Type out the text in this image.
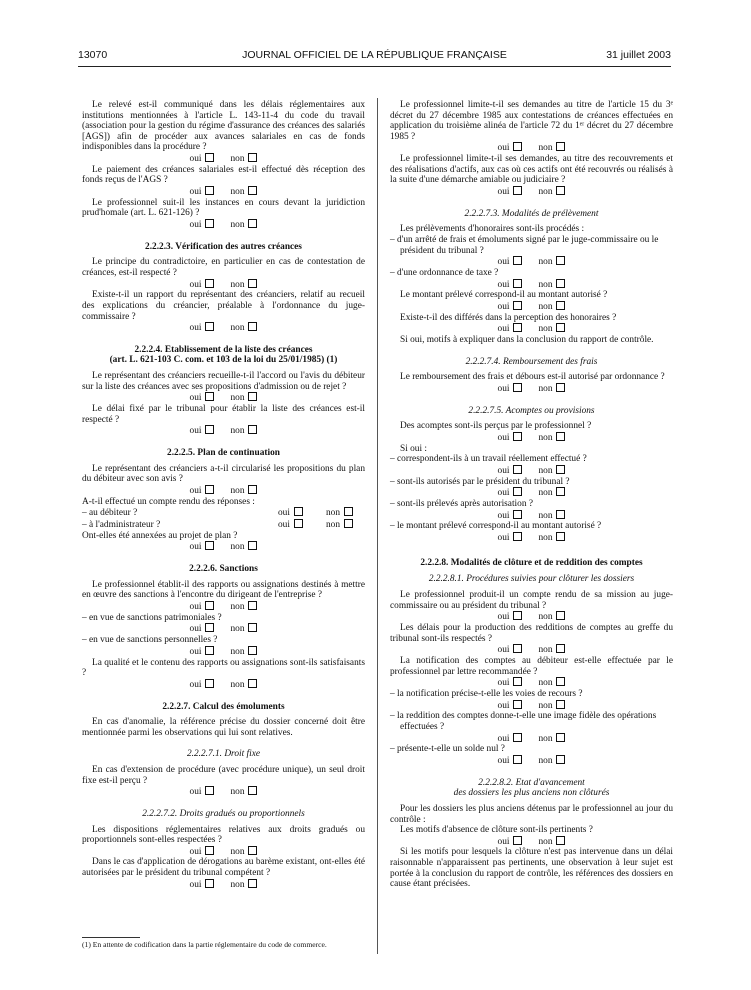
13070	JOURNAL OFFICIEL DE LA RÉPUBLIQUE FRANÇAISE	31 juillet 2003

Le relevé est-il communiqué dans les délais réglementaires aux institutions mentionnées à l'article L. 143-11-4 du code du travail (association pour la gestion du régime d'assurance des créances des salariés [AGS]) afin de procéder aux avances salariales en cas de fonds indisponibles dans la procédure ?

oui	non

Le paiement des créances salariales est-il effectué dès réception des fonds reçus de l'AGS ?

oui	non

Le professionnel suit-il les instances en cours devant la juridiction prud'homale (art. L. 621-126) ?

oui	non

2.2.2.3. Vérification des autres créances

Le principe du contradictoire, en particulier en cas de contestation de créances, est-il respecté ?

oui	non

Existe-t-il un rapport du représentant des créanciers, relatif au recueil des explications du créancier, préalable à l'ordonnance du juge-commissaire ?

oui	non

2.2.2.4. Etablissement de la liste des créances

(art. L. 621-103 C. com. et 103 de la loi du 25/01/1985) (1)

Le représentant des créanciers recueille-t-il l'accord ou l'avis du débiteur sur la liste des créances avec ses propositions d'admission ou de rejet ?

oui	non

Le délai fixé par le tribunal pour établir la liste des créances est-il respecté ?

oui	non

2.2.2.5. Plan de continuation

Le représentant des créanciers a-t-il circularisé les propositions du plan du débiteur avec son avis ?

oui	non

A-t-il effectué un compte rendu des réponses :

– au débiteur ?	oui	non
– à l'administrateur ?	oui	non

Ont-elles été annexées au projet de plan ?

oui	non

2.2.2.6. Sanctions

Le professionnel établit-il des rapports ou assignations destinés à mettre en œuvre des sanctions à l'encontre du dirigeant de l'entreprise ?

oui	non

– en vue de sanctions patrimoniales ?

oui	non

– en vue de sanctions personnelles ?

oui	non

La qualité et le contenu des rapports ou assignations sont-ils satisfaisants ?

oui	non

2.2.2.7. Calcul des émoluments

En cas d'anomalie, la référence précise du dossier concerné doit être mentionnée parmi les observations qui lui sont relatives.

2.2.2.7.1. Droit fixe

En cas d'extension de procédure (avec procédure unique), un seul droit fixe est-il perçu ?

oui	non

2.2.2.7.2. Droits gradués ou proportionnels

Les dispositions réglementaires relatives aux droits gradués ou proportionnels sont-elles respectées ?

oui	non

Dans le cas d'application de dérogations au barème existant, ont-elles été autorisées par le président du tribunal compétent ?

oui	non
(1) En attente de codification dans la partie réglementaire du code de commerce.

Le professionnel limite-t-il ses demandes au titre de l'article 15 du 3ᵉ décret du 27 décembre 1985 aux contestations de créances effectuées en application du troisième alinéa de l'article 72 du 1ᵉʳ décret du 27 décembre 1985 ?

oui	non

Le professionnel limite-t-il ses demandes, au titre des recouvrements et des réalisations d'actifs, aux cas où ces actifs ont été recouvrés ou réalisés à la suite d'une démarche amiable ou judiciaire ?

oui	non

2.2.2.7.3. Modalités de prélèvement

Les prélèvements d'honoraires sont-ils procédés :

– d'un arrêté de frais et émoluments signé par le juge-commissaire ou le président du tribunal ?

oui	non

– d'une ordonnance de taxe ?

oui	non

Le montant prélevé correspond-il au montant autorisé ?

oui	non

Existe-t-il des différés dans la perception des honoraires ?

oui	non

Si oui, motifs à expliquer dans la conclusion du rapport de contrôle.

2.2.2.7.4. Remboursement des frais

Le remboursement des frais et débours est-il autorisé par ordonnance ?

oui	non

2.2.2.7.5. Acomptes ou provisions

Des acomptes sont-ils perçus par le professionnel ?

oui	non

Si oui :

– correspondent-ils à un travail réellement effectué ?

oui	non

– sont-ils autorisés par le président du tribunal ?

oui	non

– sont-ils prélevés après autorisation ?

oui	non

– le montant prélevé correspond-il au montant autorisé ?

oui	non

2.2.2.8. Modalités de clôture et de reddition des comptes

2.2.2.8.1. Procédures suivies pour clôturer les dossiers

Le professionnel produit-il un compte rendu de sa mission au juge-commissaire ou au président du tribunal ?

oui	non

Les délais pour la production des redditions de comptes au greffe du tribunal sont-ils respectés ?

oui	non

La notification des comptes au débiteur est-elle effectuée par le professionnel par lettre recommandée ?

oui	non

– la notification précise-t-elle les voies de recours ?

oui	non

– la reddition des comptes donne-t-elle une image fidèle des opérations effectuées ?

oui	non

– présente-t-elle un solde nul ?

oui	non

2.2.2.8.2. Etat d'avancement

des dossiers les plus anciens non clôturés

Pour les dossiers les plus anciens détenus par le professionnel au jour du contrôle :

Les motifs d'absence de clôture sont-ils pertinents ?

oui	non

Si les motifs pour lesquels la clôture n'est pas intervenue dans un délai raisonnable n'apparaissent pas pertinents, une observation à leur sujet est portée à la conclusion du rapport de contrôle, les références des dossiers en cause étant précisées.
